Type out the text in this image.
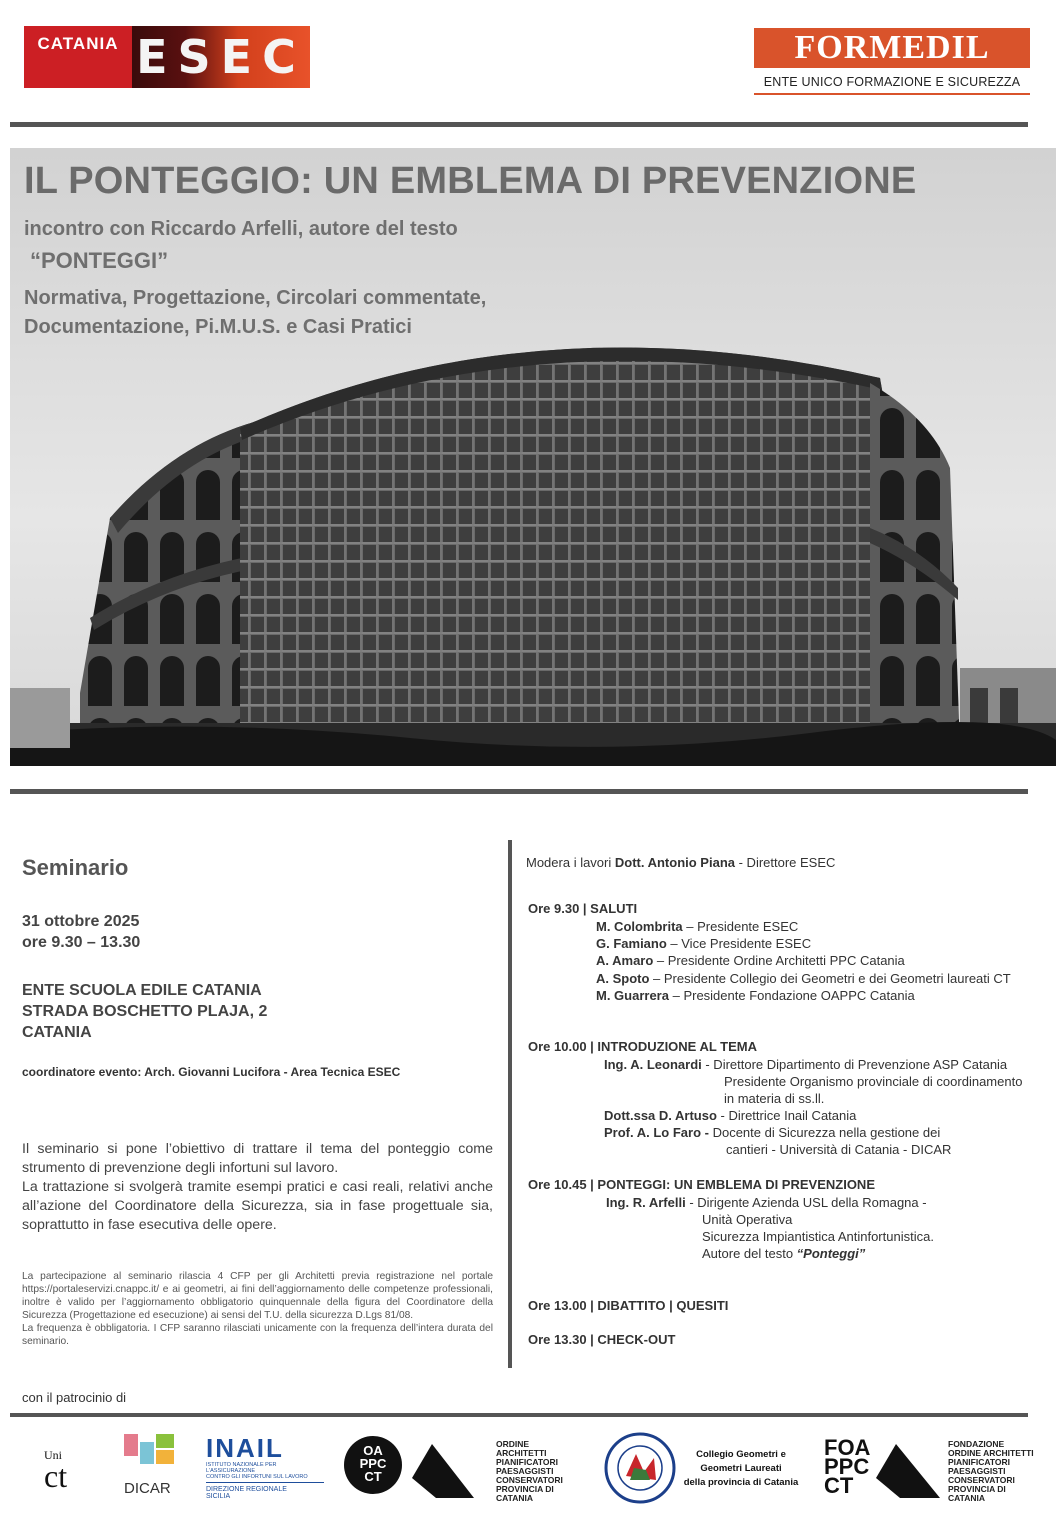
CATANIA ESEC	FORMEDIL
ENTE UNICO FORMAZIONE E SICUREZZA
IL PONTEGGIO: UN EMBLEMA DI PREVENZIONE
incontro con Riccardo Arfelli, autore del testo
“PONTEGGI”
Normativa, Progettazione, Circolari commentate,
Documentazione, Pi.M.U.S. e Casi Pratici
Seminario
31 ottobre 2025
ore 9.30 – 13.30
ENTE SCUOLA EDILE CATANIA
STRADA BOSCHETTO PLAJA, 2
CATANIA
coordinatore evento: Arch. Giovanni Lucifora - Area Tecnica ESEC
Il seminario si pone l’obiettivo di trattare il tema del ponteggio come strumento di prevenzione degli infortuni sul lavoro.
La trattazione si svolgerà tramite esempi pratici e casi reali, relativi anche all’azione del Coordinatore della Sicurezza, sia in fase progettuale sia, soprattutto in fase esecutiva delle opere.
La partecipazione al seminario rilascia 4 CFP per gli Architetti previa registrazione nel portale https://portaleservizi.cnappc.it/ e ai geometri, ai fini dell’aggiornamento delle competenze professionali, inoltre è valido per l’aggiornamento obbligatorio quinquennale della figura del Coordinatore della Sicurezza (Progettazione ed esecuzione) ai sensi del T.U. della sicurezza D.Lgs 81/08.
La frequenza è obbligatoria. I CFP saranno rilasciati unicamente con la frequenza dell’intera durata del seminario.
Modera i lavori Dott. Antonio Piana - Direttore ESEC
Ore 9.30 | SALUTI
M. Colombrita – Presidente ESEC
G. Famiano – Vice Presidente ESEC
A. Amaro – Presidente Ordine Architetti PPC Catania
A. Spoto – Presidente Collegio dei Geometri e dei Geometri laureati CT
M. Guarrera – Presidente Fondazione OAPPC Catania
Ore 10.00 | INTRODUZIONE AL TEMA
Ing. A. Leonardi - Direttore Dipartimento di Prevenzione ASP Catania
Presidente Organismo provinciale di coordinamento
in materia di ss.ll.
Dott.ssa D. Artuso - Direttrice Inail Catania
Prof. A. Lo Faro - Docente di Sicurezza nella gestione dei
cantieri - Università di Catania - DICAR
Ore 10.45 | PONTEGGI: UN EMBLEMA DI PREVENZIONE
Ing. R. Arfelli - Dirigente Azienda USL della Romagna -
Unità Operativa
Sicurezza Impiantistica Antinfortunistica.
Autore del testo “Ponteggi”
Ore 13.00 | DIBATTITO | QUESITI
Ore 13.30 | CHECK-OUT
con il patrocinio di
Uni
ct	DICAR
INAIL
ISTITUTO NAZIONALE PER L'ASSICURAZIONE
CONTRO GLI INFORTUNI SUL LAVORO
DIREZIONE REGIONALE
SICILIA
OA
PPC
CT
ORDINE
ARCHITETTI
PIANIFICATORI
PAESAGGISTI
CONSERVATORI
PROVINCIA DI
CATANIA
Collegio Geometri e
Geometri Laureati
della provincia di Catania
FOA
PPC
CT
FONDAZIONE
ORDINE ARCHITETTI
PIANIFICATORI
PAESAGGISTI
CONSERVATORI
PROVINCIA DI
CATANIA
